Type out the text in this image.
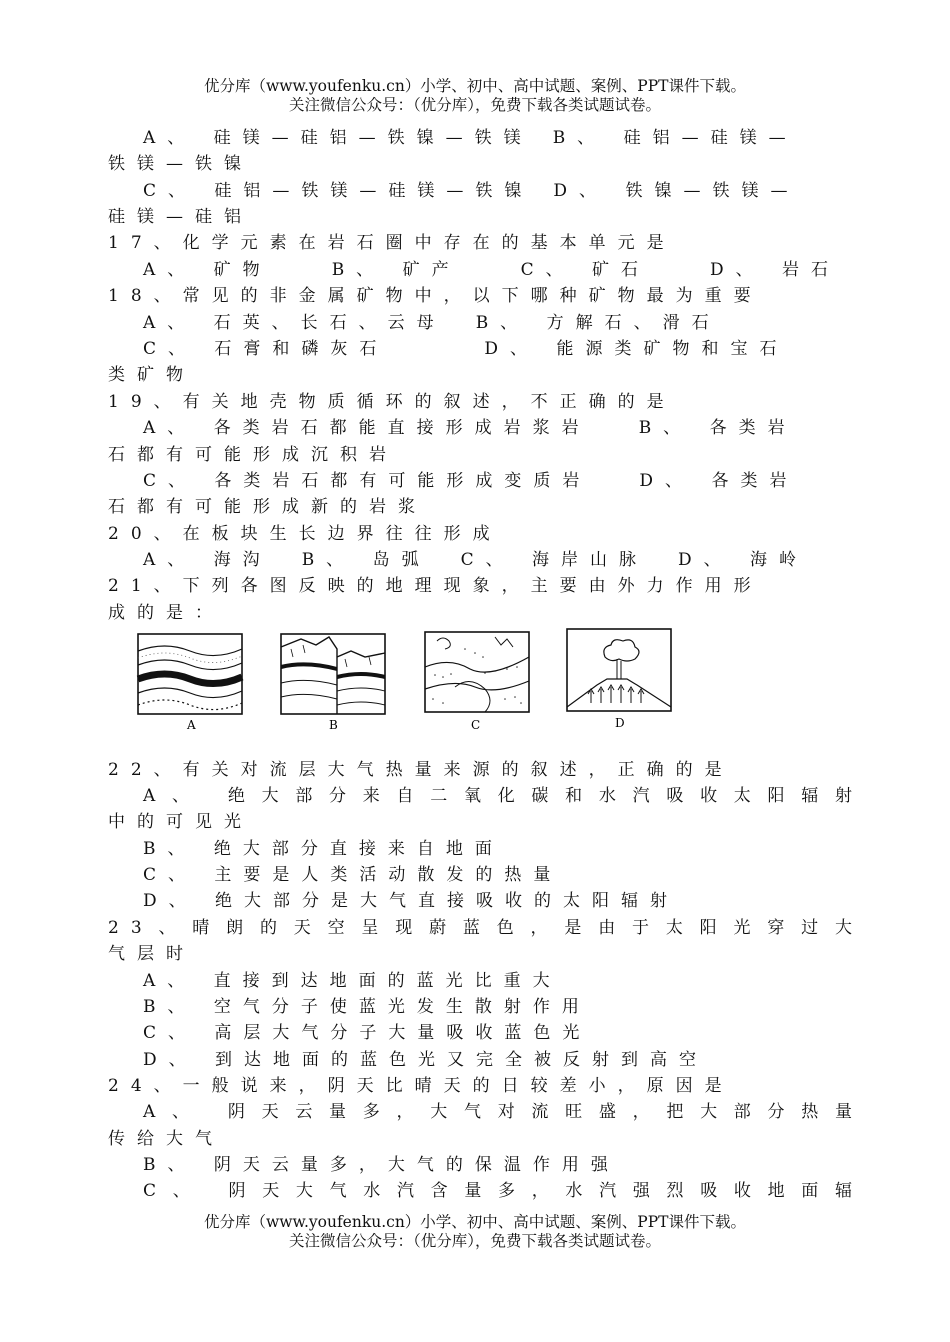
优分库（www.youfenku.cn）小学、初中、高中试题、案例、PPT课件下载。
关注微信公众号：（优分库），免费下载各类试题试卷。
A、 硅镁—硅铝—铁镍—铁镁 B、 硅铝—硅镁—
铁镁—铁镍
C、 硅铝—铁镁—硅镁—铁镍 D、 铁镍—铁镁—
硅镁—硅铝
17、化学元素在岩石圈中存在的基本单元是
A、 矿物	B、 矿产	C、 矿石	D、 岩石
18、常见的非金属矿物中，以下哪种矿物最为重要
A、 石英、长石、云母 B、 方解石、滑石
C、 石膏和磷灰石	D、 能源类矿物和宝石
类矿物
19、有关地壳物质循环的叙述，不正确的是
A、 各类岩石都能直接形成岩浆岩	B、 各类岩
石都有可能形成沉积岩
C、 各类岩石都有可能形成变质岩	D、 各类岩
石都有可能形成新的岩浆
20、在板块生长边界往往形成
A、 海沟 B、 岛弧 C、 海岸山脉 D、 海岭
21、下列各图反映的地理现象，主要由外力作用形
成的是：
A	B	C	D
22、有关对流层大气热量来源的叙述，正确的是
A、 绝大部分来自二氧化碳和水汽吸收太阳辐射
中的可见光
B、 绝大部分直接来自地面
C、 主要是人类活动散发的热量
D、 绝大部分是大气直接吸收的太阳辐射
23、晴朗的天空呈现蔚蓝色，是由于太阳光穿过大
气层时
A、 直接到达地面的蓝光比重大
B、 空气分子使蓝光发生散射作用
C、 高层大气分子大量吸收蓝色光
D、 到达地面的蓝色光又完全被反射到高空
24、一般说来，阴天比晴天的日较差小，原因是
A、 阴天云量多，大气对流旺盛，把大部分热量
传给大气
B、 阴天云量多，大气的保温作用强
C、 阴天大气水汽含量多，水汽强烈吸收地面辐
优分库（www.youfenku.cn）小学、初中、高中试题、案例、PPT课件下载。
关注微信公众号：（优分库），免费下载各类试题试卷。
